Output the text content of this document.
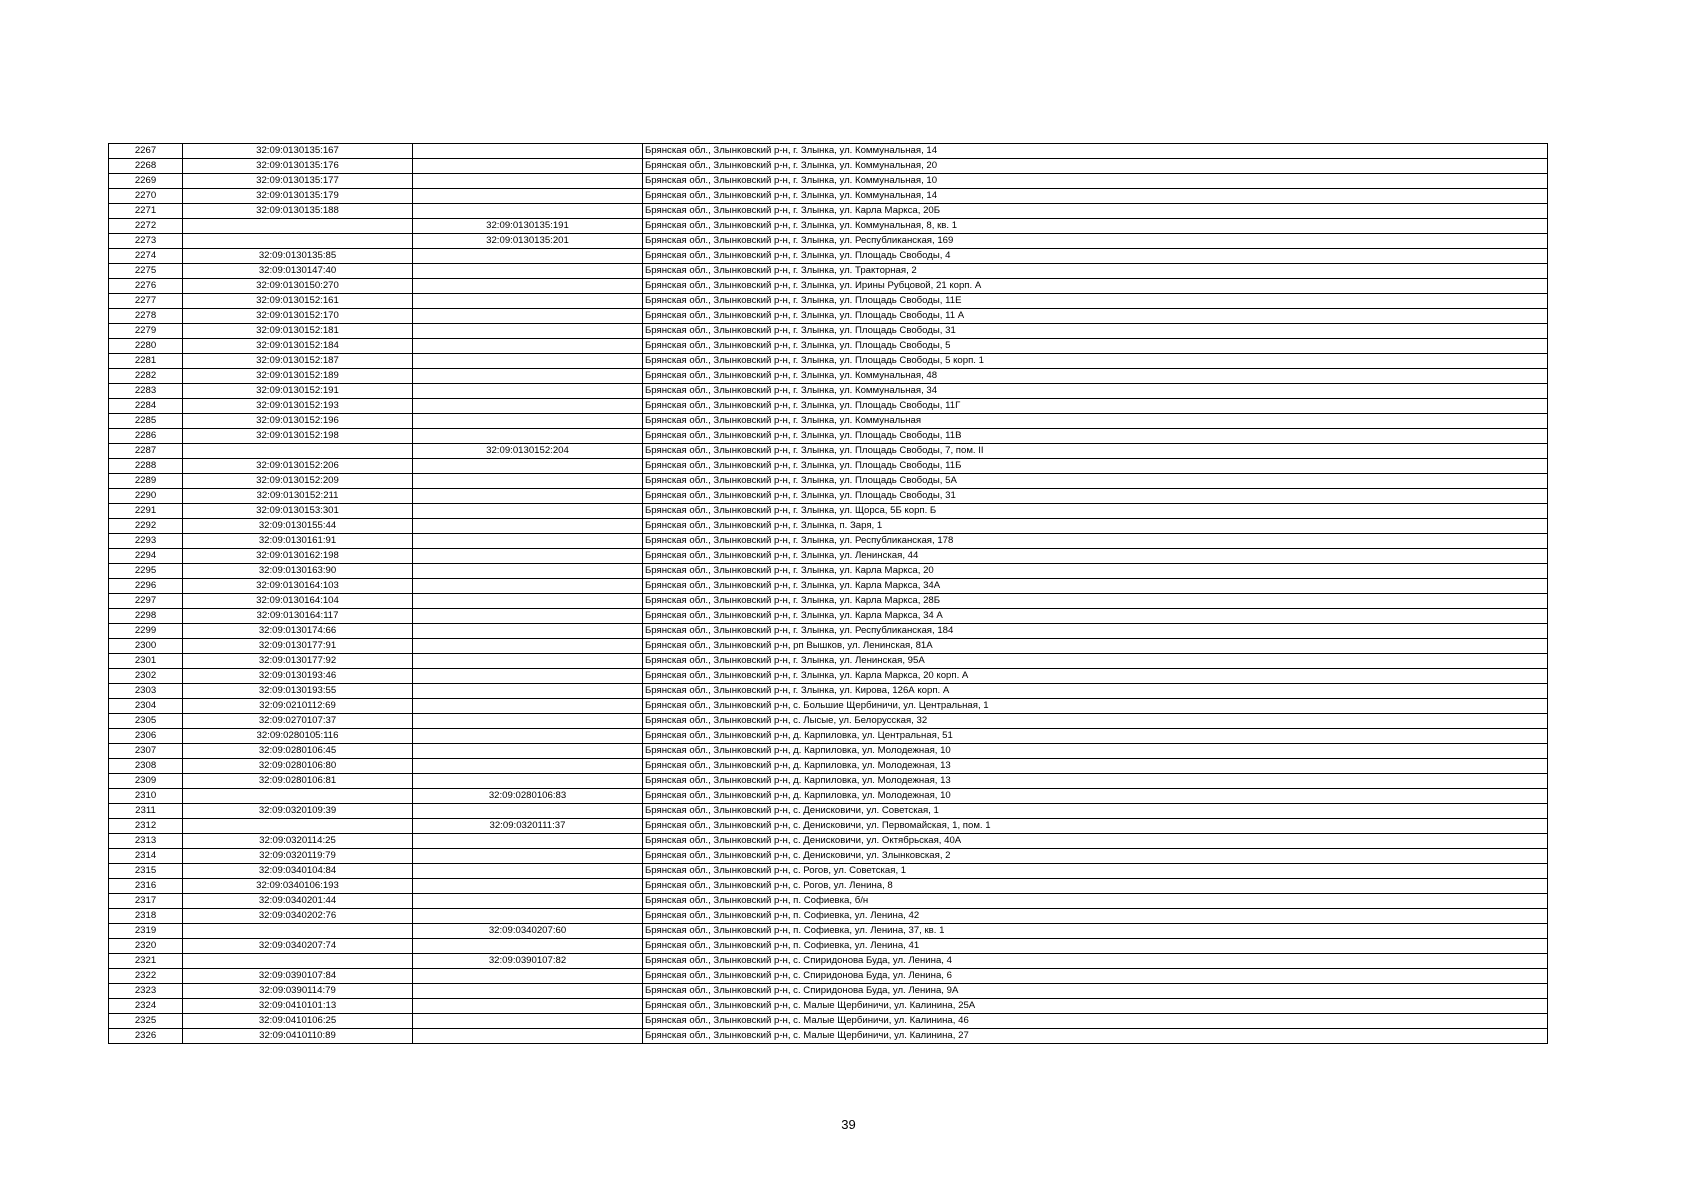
2267	32:09:0130135:167		Брянская обл., Злынковский р-н, г. Злынка, ул. Коммунальная, 14
2268	32:09:0130135:176		Брянская обл., Злынковский р-н, г. Злынка, ул. Коммунальная, 20
2269	32:09:0130135:177		Брянская обл., Злынковский р-н, г. Злынка, ул. Коммунальная, 10
2270	32:09:0130135:179		Брянская обл., Злынковский р-н, г. Злынка, ул. Коммунальная, 14
2271	32:09:0130135:188		Брянская обл., Злынковский р-н, г. Злынка, ул. Карла Маркса, 20Б
2272		32:09:0130135:191	Брянская обл., Злынковский р-н, г. Злынка, ул. Коммунальная, 8, кв. 1
2273		32:09:0130135:201	Брянская обл., Злынковский р-н, г. Злынка, ул. Республиканская, 169
2274	32:09:0130135:85		Брянская обл., Злынковский р-н, г. Злынка, ул. Площадь Свободы, 4
2275	32:09:0130147:40		Брянская обл., Злынковский р-н, г. Злынка, ул. Тракторная, 2
2276	32:09:0130150:270		Брянская обл., Злынковский р-н, г. Злынка, ул. Ирины Рубцовой, 21 корп. А
2277	32:09:0130152:161		Брянская обл., Злынковский р-н, г. Злынка, ул. Площадь Свободы, 11Е
2278	32:09:0130152:170		Брянская обл., Злынковский р-н, г. Злынка, ул. Площадь Свободы, 11 А
2279	32:09:0130152:181		Брянская обл., Злынковский р-н, г. Злынка, ул. Площадь Свободы, 31
2280	32:09:0130152:184		Брянская обл., Злынковский р-н, г. Злынка, ул. Площадь Свободы, 5
2281	32:09:0130152:187		Брянская обл., Злынковский р-н, г. Злынка, ул. Площадь Свободы, 5 корп. 1
2282	32:09:0130152:189		Брянская обл., Злынковский р-н, г. Злынка, ул. Коммунальная, 48
2283	32:09:0130152:191		Брянская обл., Злынковский р-н, г. Злынка, ул. Коммунальная, 34
2284	32:09:0130152:193		Брянская обл., Злынковский р-н, г. Злынка, ул. Площадь Свободы, 11Г
2285	32:09:0130152:196		Брянская обл., Злынковский р-н, г. Злынка, ул. Коммунальная
2286	32:09:0130152:198		Брянская обл., Злынковский р-н, г. Злынка, ул. Площадь Свободы, 11В
2287		32:09:0130152:204	Брянская обл., Злынковский р-н, г. Злынка, ул. Площадь Свободы, 7, пом. II
2288	32:09:0130152:206		Брянская обл., Злынковский р-н, г. Злынка, ул. Площадь Свободы, 11Б
2289	32:09:0130152:209		Брянская обл., Злынковский р-н, г. Злынка, ул. Площадь Свободы, 5А
2290	32:09:0130152:211		Брянская обл., Злынковский р-н, г. Злынка, ул. Площадь Свободы, 31
2291	32:09:0130153:301		Брянская обл., Злынковский р-н, г. Злынка, ул. Щорса, 5Б корп. Б
2292	32:09:0130155:44		Брянская обл., Злынковский р-н, г. Злынка, п. Заря, 1
2293	32:09:0130161:91		Брянская обл., Злынковский р-н, г. Злынка, ул. Республиканская, 178
2294	32:09:0130162:198		Брянская обл., Злынковский р-н, г. Злынка, ул. Ленинская, 44
2295	32:09:0130163:90		Брянская обл., Злынковский р-н, г. Злынка, ул. Карла Маркса, 20
2296	32:09:0130164:103		Брянская обл., Злынковский р-н, г. Злынка, ул. Карла Маркса, 34А
2297	32:09:0130164:104		Брянская обл., Злынковский р-н, г. Злынка, ул. Карла Маркса, 28Б
2298	32:09:0130164:117		Брянская обл., Злынковский р-н, г. Злынка, ул. Карла Маркса, 34 А
2299	32:09:0130174:66		Брянская обл., Злынковский р-н, г. Злынка, ул. Республиканская, 184
2300	32:09:0130177:91		Брянская обл., Злынковский р-н, рп Вышков, ул. Ленинская, 81А
2301	32:09:0130177:92		Брянская обл., Злынковский р-н, г. Злынка, ул. Ленинская, 95А
2302	32:09:0130193:46		Брянская обл., Злынковский р-н, г. Злынка, ул. Карла Маркса, 20 корп. А
2303	32:09:0130193:55		Брянская обл., Злынковский р-н, г. Злынка, ул. Кирова, 126А корп. А
2304	32:09:0210112:69		Брянская обл., Злынковский р-н, с. Большие Щербиничи, ул. Центральная, 1
2305	32:09:0270107:37		Брянская обл., Злынковский р-н, с. Лысые, ул. Белорусская, 32
2306	32:09:0280105:116		Брянская обл., Злынковский р-н, д. Карпиловка, ул. Центральная, 51
2307	32:09:0280106:45		Брянская обл., Злынковский р-н, д. Карпиловка, ул. Молодежная, 10
2308	32:09:0280106:80		Брянская обл., Злынковский р-н, д. Карпиловка, ул. Молодежная, 13
2309	32:09:0280106:81		Брянская обл., Злынковский р-н, д. Карпиловка, ул. Молодежная, 13
2310		32:09:0280106:83	Брянская обл., Злынковский р-н, д. Карпиловка, ул. Молодежная, 10
2311	32:09:0320109:39		Брянская обл., Злынковский р-н, с. Денисковичи, ул. Советская, 1
2312		32:09:0320111:37	Брянская обл., Злынковский р-н, с. Денисковичи, ул. Первомайская, 1, пом. 1
2313	32:09:0320114:25		Брянская обл., Злынковский р-н, с. Денисковичи, ул. Октябрьская, 40А
2314	32:09:0320119:79		Брянская обл., Злынковский р-н, с. Денисковичи, ул. Злынковская, 2
2315	32:09:0340104:84		Брянская обл., Злынковский р-н, с. Рогов, ул. Советская, 1
2316	32:09:0340106:193		Брянская обл., Злынковский р-н, с. Рогов, ул. Ленина, 8
2317	32:09:0340201:44		Брянская обл., Злынковский р-н, п. Софиевка, б/н
2318	32:09:0340202:76		Брянская обл., Злынковский р-н, п. Софиевка, ул. Ленина, 42
2319		32:09:0340207:60	Брянская обл., Злынковский р-н, п. Софиевка, ул. Ленина, 37, кв. 1
2320	32:09:0340207:74		Брянская обл., Злынковский р-н, п. Софиевка, ул. Ленина, 41
2321		32:09:0390107:82	Брянская обл., Злынковский р-н, с. Спиридонова Буда, ул. Ленина, 4
2322	32:09:0390107:84		Брянская обл., Злынковский р-н, с. Спиридонова Буда, ул. Ленина, 6
2323	32:09:0390114:79		Брянская обл., Злынковский р-н, с. Спиридонова Буда, ул. Ленина, 9А
2324	32:09:0410101:13		Брянская обл., Злынковский р-н, с. Малые Щербиничи, ул. Калинина, 25А
2325	32:09:0410106:25		Брянская обл., Злынковский р-н, с. Малые Щербиничи, ул. Калинина, 46
2326	32:09:0410110:89		Брянская обл., Злынковский р-н, с. Малые Щербиничи, ул. Калинина, 27
39
